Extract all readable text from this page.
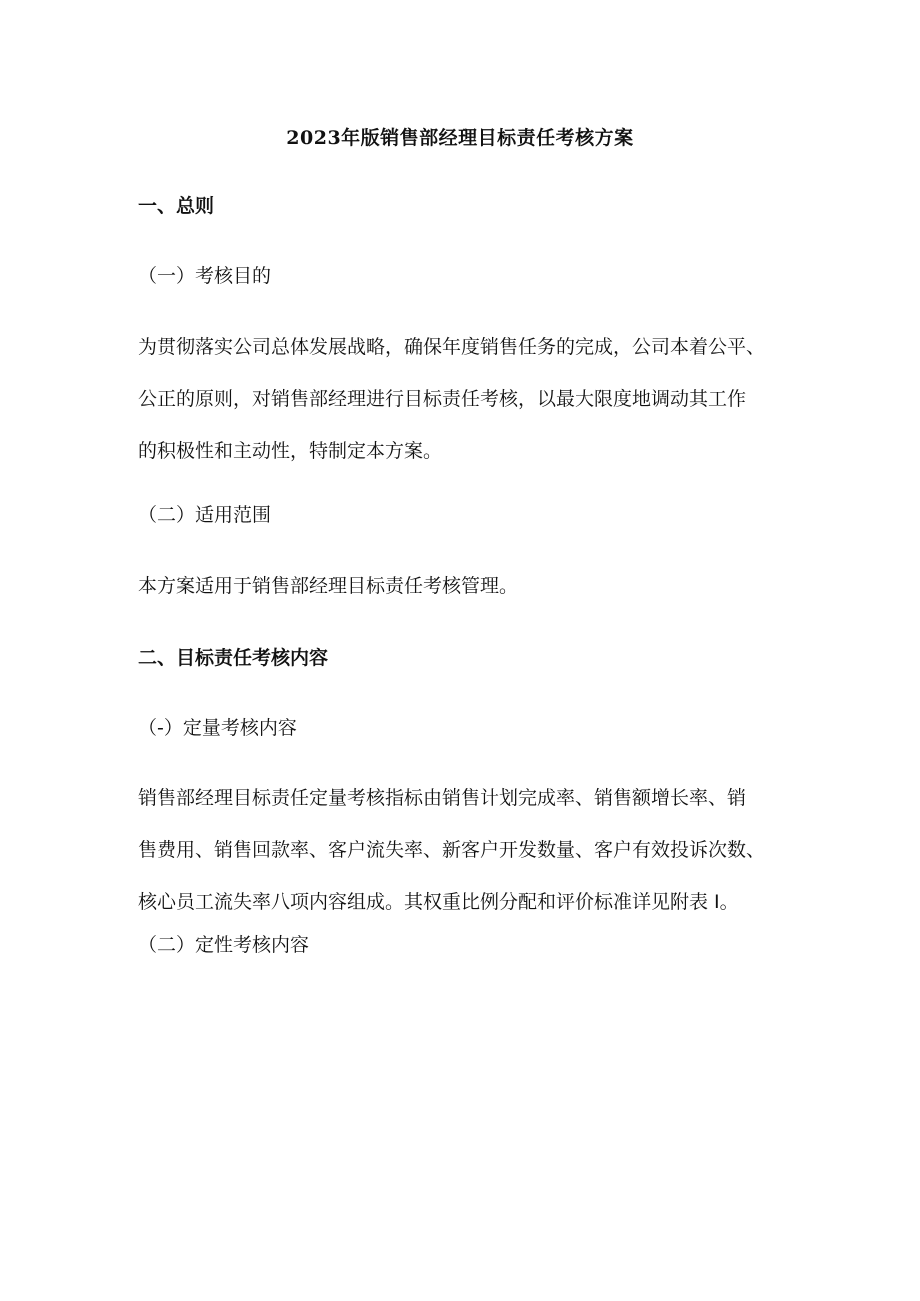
2023年版销售部经理目标责任考核方案
一、总则
（一）考核目的
为贯彻落实公司总体发展战略，确保年度销售任务的完成，公司本着公平、
公正的原则，对销售部经理进行目标责任考核，以最大限度地调动其工作
的积极性和主动性，特制定本方案。
（二）适用范围
本方案适用于销售部经理目标责任考核管理。
二、目标责任考核内容
（-）定量考核内容
销售部经理目标责任定量考核指标由销售计划完成率、销售额增长率、销
售费用、销售回款率、客户流失率、新客户开发数量、客户有效投诉次数、
核心员工流失率八项内容组成。其权重比例分配和评价标准详见附表 I。
（二）定性考核内容
